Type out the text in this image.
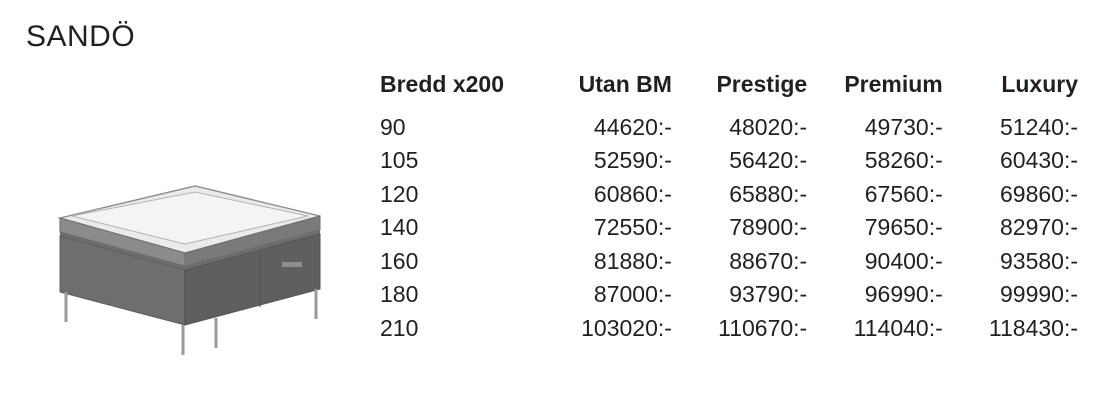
SANDÖ
Bredd x200	Utan BM	Prestige	Premium	Luxury
90	44620:-	48020:-	49730:-	51240:-
105	52590:-	56420:-	58260:-	60430:-
120	60860:-	65880:-	67560:-	69860:-
140	72550:-	78900:-	79650:-	82970:-
160	81880:-	88670:-	90400:-	93580:-
180	87000:-	93790:-	96990:-	99990:-
210	103020:-	110670:-	114040:-	118430:-
